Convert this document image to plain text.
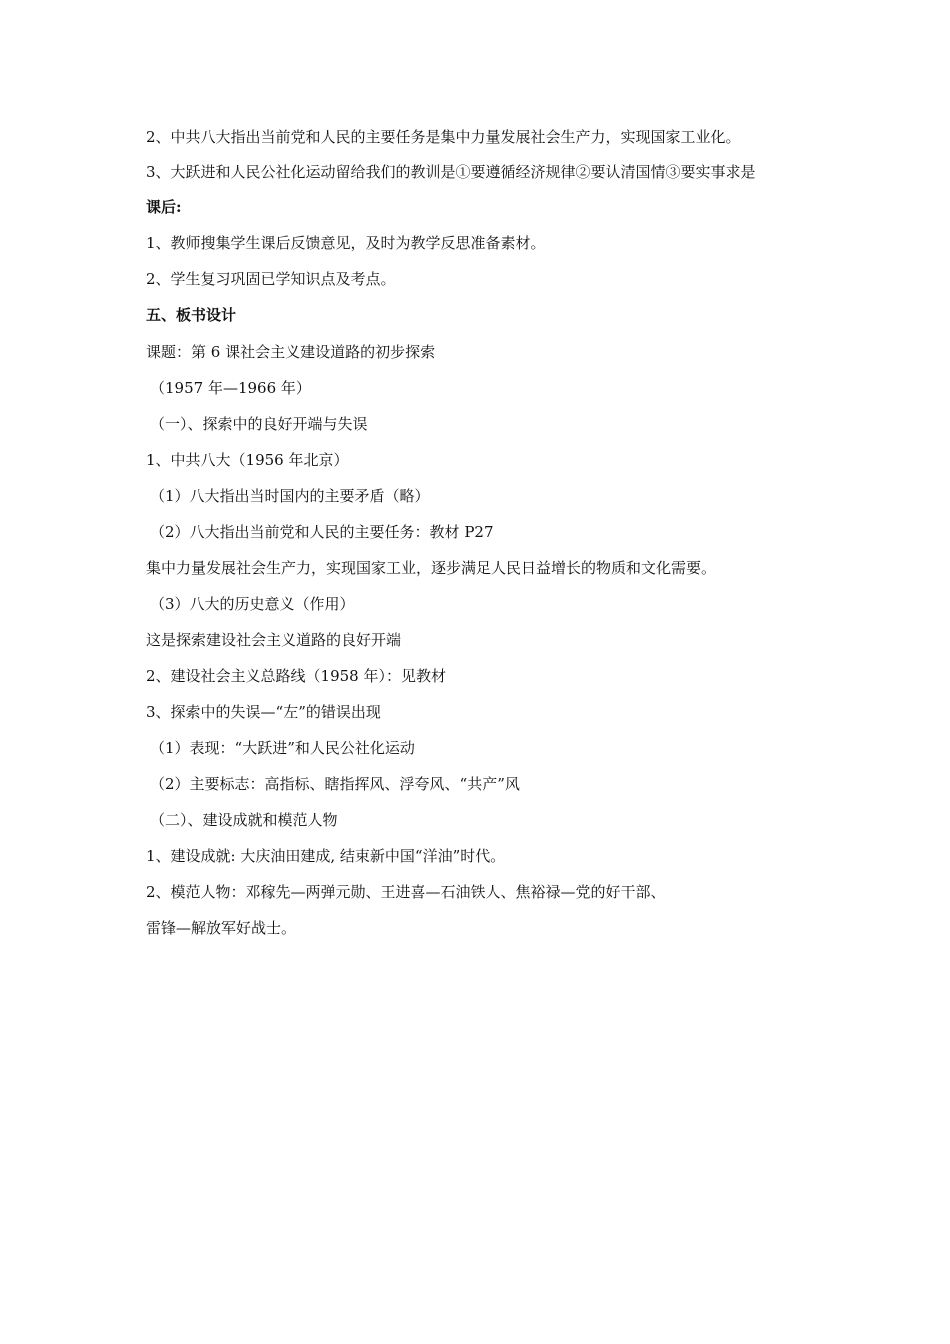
2、中共八大指出当前党和人民的主要任务是集中力量发展社会生产力，实现国家工业化。
3、大跃进和人民公社化运动留给我们的教训是①要遵循经济规律②要认清国情③要实事求是
课后:
1、教师搜集学生课后反馈意见，及时为教学反思准备素材。
2、学生复习巩固已学知识点及考点。
五、板书设计
课题：第 6 课社会主义建设道路的初步探索
（1957 年—1966 年）
（一）、探索中的良好开端与失误
1、中共八大（1956 年北京）
（1）八大指出当时国内的主要矛盾（略）
（2）八大指出当前党和人民的主要任务：教材 P27
集中力量发展社会生产力，实现国家工业，逐步满足人民日益增长的物质和文化需要。
（3）八大的历史意义（作用）
这是探索建设社会主义道路的良好开端
2、建设社会主义总路线（1958 年）：见教材
3、探索中的失误—“左”的错误出现
（1）表现：“大跃进”和人民公社化运动
（2）主要标志：高指标、瞎指挥风、浮夸风、“共产”风
（二）、建设成就和模范人物
1、建设成就: 大庆油田建成, 结束新中国“洋油”时代。
2、模范人物：邓稼先—两弹元勋、王进喜—石油铁人、焦裕禄—党的好干部、
雷锋—解放军好战士。
